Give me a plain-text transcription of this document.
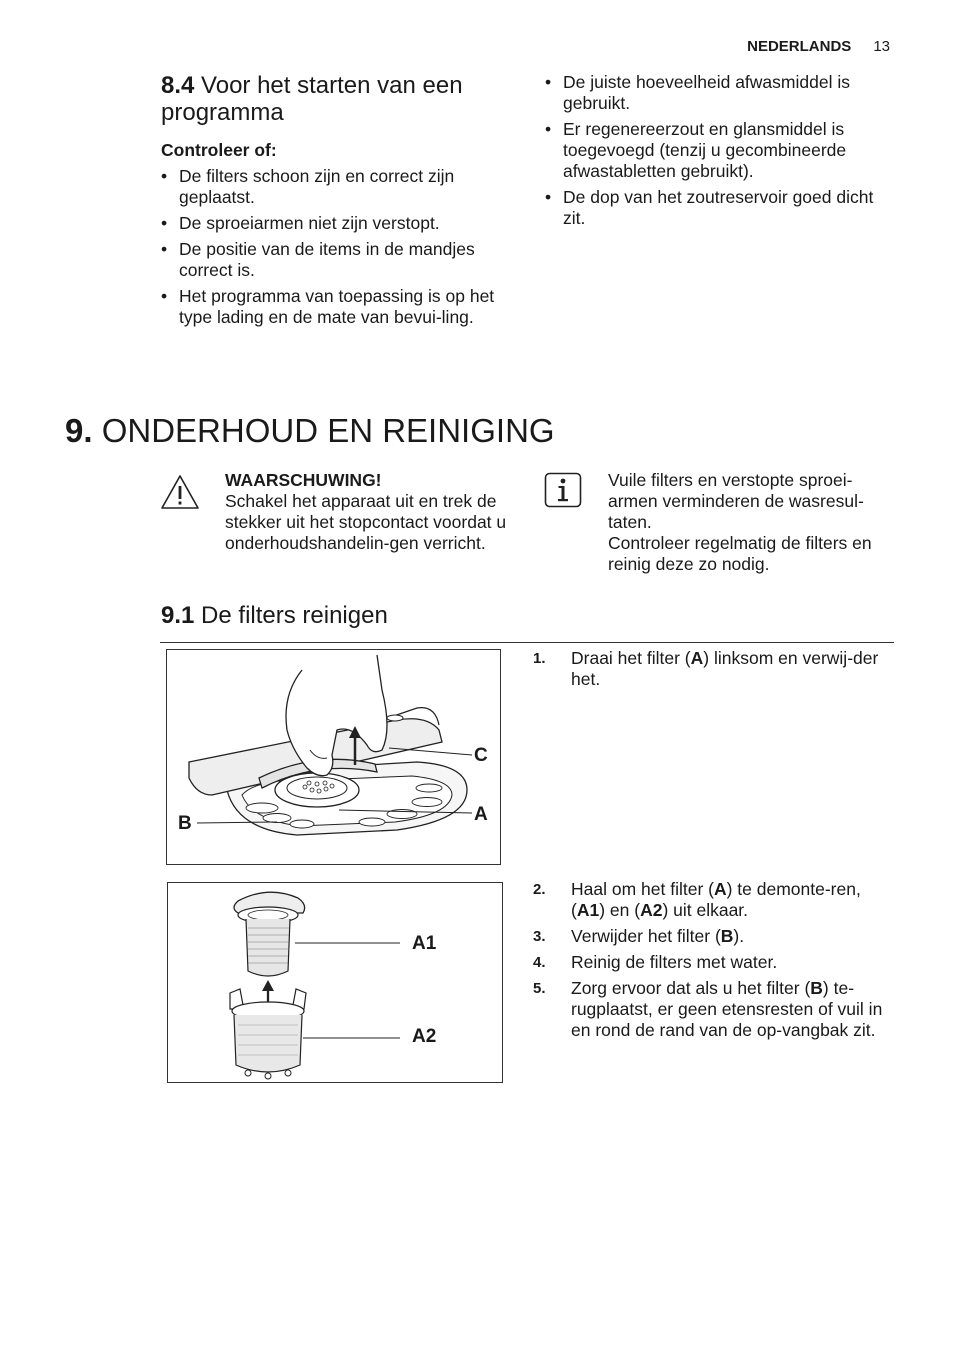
NEDERLANDS 13
8.4 Voor het starten van een programma
Controleer of:
• De filters schoon zijn en correct zijn geplaatst.
• De sproeiarmen niet zijn verstopt.
• De positie van de items in de mandjes correct is.
• Het programma van toepassing is op het type lading en de mate van bevui-ling.
• De juiste hoeveelheid afwasmiddel is gebruikt.
• Er regenereerzout en glansmiddel is toegevoegd (tenzij u gecombineerde afwastabletten gebruikt).
• De dop van het zoutreservoir goed dicht zit.
9. ONDERHOUD EN REINIGING
WAARSCHUWING!
Schakel het apparaat uit en trek de stekker uit het stopcontact voordat u onderhoudshandelin-gen verricht.
Vuile filters en verstopte sproei-armen verminderen de wasresul-taten.
Controleer regelmatig de filters en reinig deze zo nodig.
9.1 De filters reinigen
C
A
B
1. Draai het filter (A) linksom en verwij-der het.
A1
A2
2. Haal om het filter (A) te demonte-ren, (A1) en (A2) uit elkaar.
3. Verwijder het filter (B).
4. Reinig de filters met water.
5. Zorg ervoor dat als u het filter (B) te-rugplaatst, er geen etensresten of vuil in en rond de rand van de op-vangbak zit.
